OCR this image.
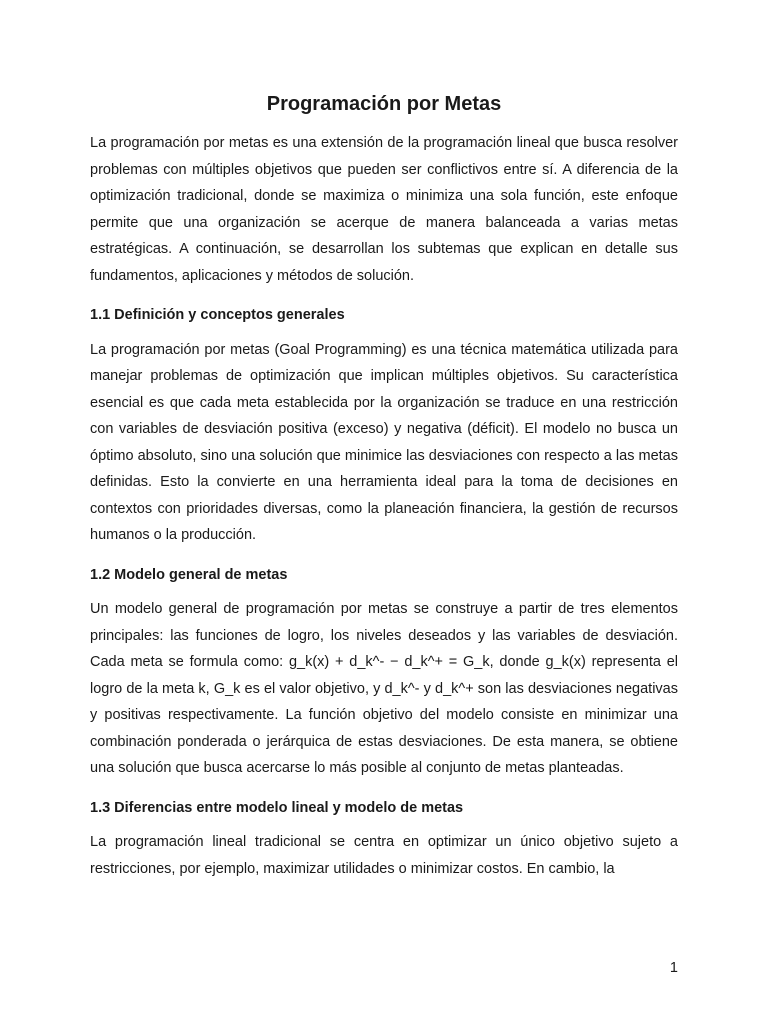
Programación por Metas

La programación por metas es una extensión de la programación lineal que busca resolver problemas con múltiples objetivos que pueden ser conflictivos entre sí. A diferencia de la optimización tradicional, donde se maximiza o minimiza una sola función, este enfoque permite que una organización se acerque de manera balanceada a varias metas estratégicas. A continuación, se desarrollan los subtemas que explican en detalle sus fundamentos, aplicaciones y métodos de solución.

1.1 Definición y conceptos generales

La programación por metas (Goal Programming) es una técnica matemática utilizada para manejar problemas de optimización que implican múltiples objetivos. Su característica esencial es que cada meta establecida por la organización se traduce en una restricción con variables de desviación positiva (exceso) y negativa (déficit). El modelo no busca un óptimo absoluto, sino una solución que minimice las desviaciones con respecto a las metas definidas. Esto la convierte en una herramienta ideal para la toma de decisiones en contextos con prioridades diversas, como la planeación financiera, la gestión de recursos humanos o la producción.

1.2 Modelo general de metas

Un modelo general de programación por metas se construye a partir de tres elementos principales: las funciones de logro, los niveles deseados y las variables de desviación. Cada meta se formula como: g_k(x) + d_k^- − d_k^+ = G_k, donde g_k(x) representa el logro de la meta k, G_k es el valor objetivo, y d_k^- y d_k^+ son las desviaciones negativas y positivas respectivamente. La función objetivo del modelo consiste en minimizar una combinación ponderada o jerárquica de estas desviaciones. De esta manera, se obtiene una solución que busca acercarse lo más posible al conjunto de metas planteadas.

1.3 Diferencias entre modelo lineal y modelo de metas

La programación lineal tradicional se centra en optimizar un único objetivo sujeto a restricciones, por ejemplo, maximizar utilidades o minimizar costos. En cambio, la

1
